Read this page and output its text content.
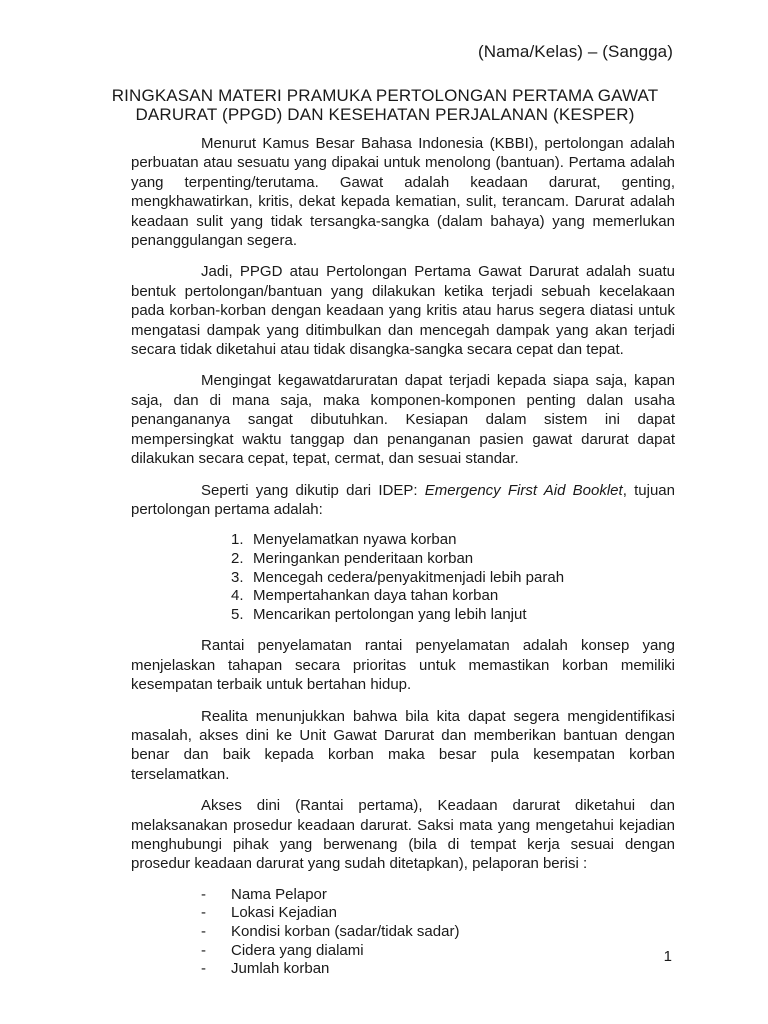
(Nama/Kelas) – (Sangga)
RINGKASAN MATERI PRAMUKA PERTOLONGAN PERTAMA GAWAT
DARURAT (PPGD) DAN KESEHATAN PERJALANAN (KESPER)

Menurut Kamus Besar Bahasa Indonesia (KBBI), pertolongan adalah perbuatan atau sesuatu yang dipakai untuk menolong (bantuan). Pertama adalah yang terpenting/terutama. Gawat adalah keadaan darurat, genting, mengkhawatirkan, kritis, dekat kepada kematian, sulit, terancam. Darurat adalah keadaan sulit yang tidak tersangka-sangka (dalam bahaya) yang memerlukan penanggulangan segera.

Jadi, PPGD atau Pertolongan Pertama Gawat Darurat adalah suatu bentuk pertolongan/bantuan yang dilakukan ketika terjadi sebuah kecelakaan pada korban-korban dengan keadaan yang kritis atau harus segera diatasi untuk mengatasi dampak yang ditimbulkan dan mencegah dampak yang akan terjadi secara tidak diketahui atau tidak disangka-sangka secara cepat dan tepat.

Mengingat kegawatdaruratan dapat terjadi kepada siapa saja, kapan saja, dan di mana saja, maka komponen-komponen penting dalan usaha penangananya sangat dibutuhkan. Kesiapan dalam sistem ini dapat mempersingkat waktu tanggap dan penanganan pasien gawat darurat dapat dilakukan secara cepat, tepat, cermat, dan sesuai standar.

Seperti yang dikutip dari IDEP: Emergency First Aid Booklet, tujuan pertolongan pertama adalah:

1. Menyelamatkan nyawa korban
2. Meringankan penderitaan korban
3. Mencegah cedera/penyakitmenjadi lebih parah
4. Mempertahankan daya tahan korban
5. Mencarikan pertolongan yang lebih lanjut

Rantai penyelamatan rantai penyelamatan adalah konsep yang menjelaskan tahapan secara prioritas untuk memastikan korban memiliki kesempatan terbaik untuk bertahan hidup.

Realita menunjukkan bahwa bila kita dapat segera mengidentifikasi masalah, akses dini ke Unit Gawat Darurat dan memberikan bantuan dengan benar dan baik kepada korban maka besar pula kesempatan korban terselamatkan.

Akses dini (Rantai pertama), Keadaan darurat diketahui dan melaksanakan prosedur keadaan darurat. Saksi mata yang mengetahui kejadian menghubungi pihak yang berwenang (bila di tempat kerja sesuai dengan prosedur keadaan darurat yang sudah ditetapkan), pelaporan berisi :

-	Nama Pelapor
-	Lokasi Kejadian
-	Kondisi korban (sadar/tidak sadar)
-	Cidera yang dialami
-	Jumlah korban
1
